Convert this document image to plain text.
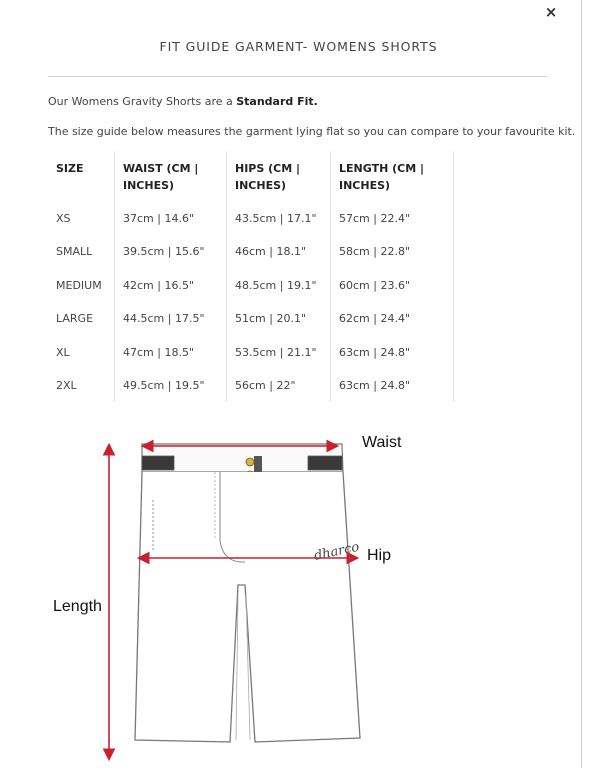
×
FIT GUIDE GARMENT- WOMENS SHORTS
Our Womens Gravity Shorts are a Standard Fit.
The size guide below measures the garment lying flat so you can compare to your favourite kit.
SIZE	WAIST (CM | INCHES)	HIPS (CM | INCHES)	LENGTH (CM | INCHES)
XS	37cm | 14.6"	43.5cm | 17.1"	57cm | 22.4"
SMALL	39.5cm | 15.6"	46cm | 18.1"	58cm | 22.8"
MEDIUM	42cm | 16.5"	48.5cm | 19.1"	60cm | 23.6"
LARGE	44.5cm | 17.5"	51cm | 20.1"	62cm | 24.4"
XL	47cm | 18.5"	53.5cm | 21.1"	63cm | 24.8"
2XL	49.5cm | 19.5"	56cm | 22"	63cm | 24.8"
dharco
Waist
Hip
Length
